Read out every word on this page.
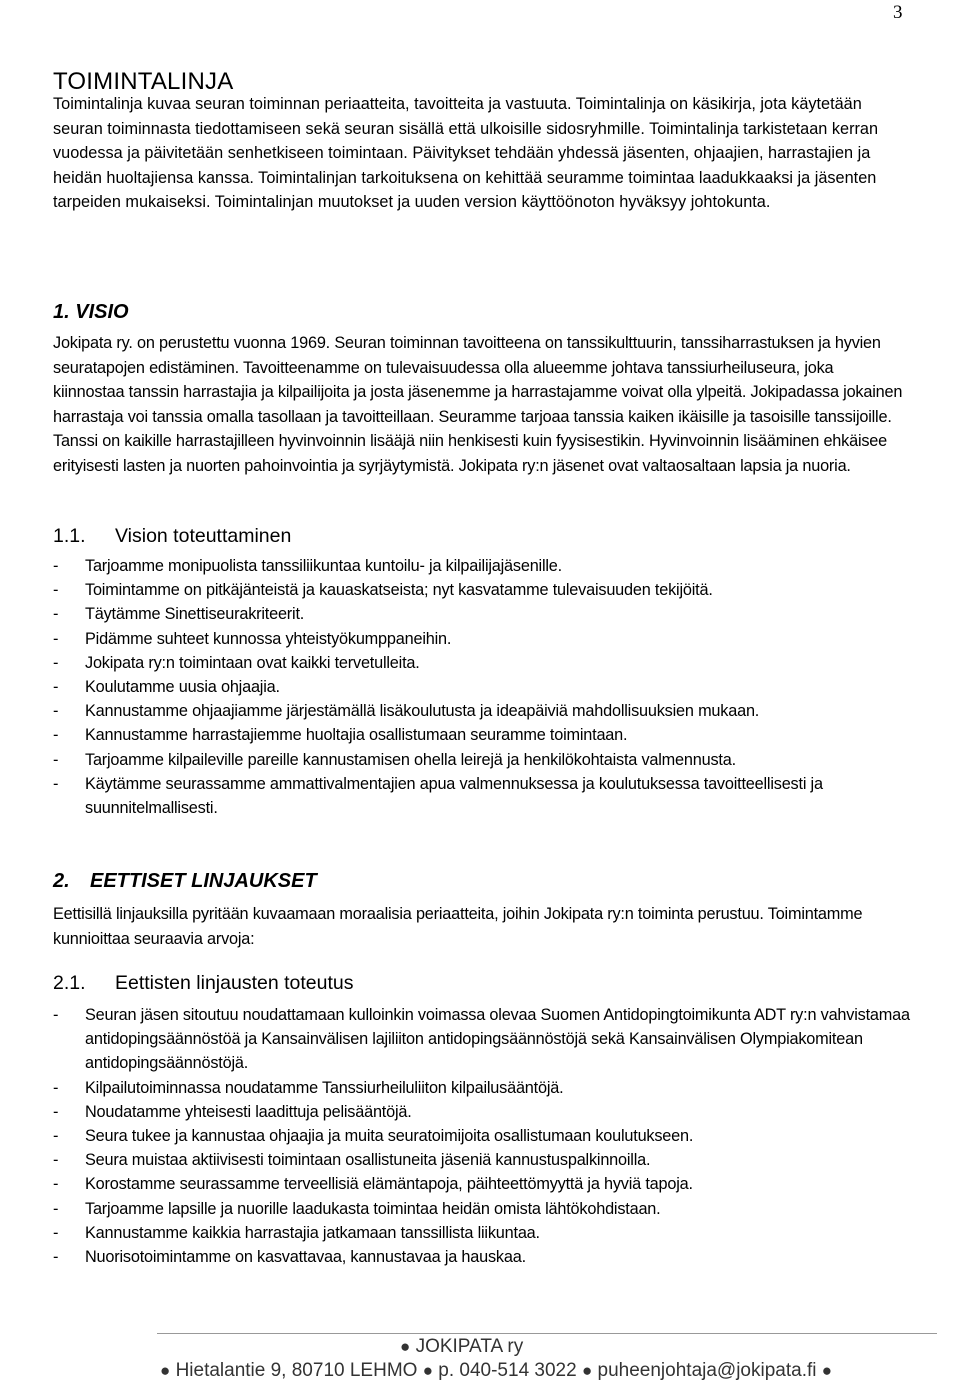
3
TOIMINTALINJA

Toimintalinja kuvaa seuran toiminnan periaatteita, tavoitteita ja vastuuta. Toimintalinja on käsikirja, jota käytetään seuran toiminnasta tiedottamiseen sekä seuran sisällä että ulkoisille sidosryhmille. Toimintalinja tarkistetaan kerran vuodessa ja päivitetään senhetkiseen toimintaan. Päivitykset tehdään yhdessä jäsenten, ohjaajien, harrastajien ja heidän huoltajiensa kanssa. Toimintalinjan tarkoituksena on kehittää seuramme toimintaa laadukkaaksi ja jäsenten tarpeiden mukaiseksi. Toimintalinjan muutokset ja uuden version käyttöönoton hyväksyy johtokunta.

1. VISIO

Jokipata ry. on perustettu vuonna 1969. Seuran toiminnan tavoitteena on tanssikulttuurin, tanssiharrastuksen ja hyvien seuratapojen edistäminen. Tavoitteenamme on tulevaisuudessa olla alueemme johtava tanssiurheiluseura, joka kiinnostaa tanssin harrastajia ja kilpailijoita ja josta jäsenemme ja harrastajamme voivat olla ylpeitä. Jokipadassa jokainen harrastaja voi tanssia omalla tasollaan ja tavoitteillaan. Seuramme tarjoaa tanssia kaiken ikäisille ja tasoisille tanssijoille. Tanssi on kaikille harrastajilleen hyvinvoinnin lisääjä niin henkisesti kuin fyysisestikin. Hyvinvoinnin lisääminen ehkäisee erityisesti lasten ja nuorten pahoinvointia ja syrjäytymistä. Jokipata ry:n jäsenet ovat valtaosaltaan lapsia ja nuoria.

1.1. Vision toteuttaminen
- Tarjoamme monipuolista tanssiliikuntaa kuntoilu- ja kilpailijajäsenille.
- Toimintamme on pitkäjänteistä ja kauaskatseista; nyt kasvatamme tulevaisuuden tekijöitä.
- Täytämme Sinettiseurakriteerit.
- Pidämme suhteet kunnossa yhteistyökumppaneihin.
- Jokipata ry:n toimintaan ovat kaikki tervetulleita.
- Koulutamme uusia ohjaajia.
- Kannustamme ohjaajiamme järjestämällä lisäkoulutusta ja ideapäiviä mahdollisuuksien mukaan.
- Kannustamme harrastajiemme huoltajia osallistumaan seuramme toimintaan.
- Tarjoamme kilpaileville pareille kannustamisen ohella leirejä ja henkilökohtaista valmennusta.
- Käytämme seurassamme ammattivalmentajien apua valmennuksessa ja koulutuksessa tavoitteellisesti ja suunnitelmallisesti.
2. EETTISET LINJAUKSET

Eettisillä linjauksilla pyritään kuvaamaan moraalisia periaatteita, joihin Jokipata ry:n toiminta perustuu. Toimintamme kunnioittaa seuraavia arvoja:

2.1. Eettisten linjausten toteutus
- Seuran jäsen sitoutuu noudattamaan kulloinkin voimassa olevaa Suomen Antidopingtoimikunta ADT ry:n vahvistamaa antidopingsäännöstöä ja Kansainvälisen lajiliiton antidopingsäännöstöjä sekä Kansainvälisen Olympiakomitean antidopingsäännöstöjä.
- Kilpailutoiminnassa noudatamme Tanssiurheiluliiton kilpailusääntöjä.
- Noudatamme yhteisesti laadittuja pelisääntöjä.
- Seura tukee ja kannustaa ohjaajia ja muita seuratoimijoita osallistumaan koulutukseen.
- Seura muistaa aktiivisesti toimintaan osallistuneita jäseniä kannustuspalkinnoilla.
- Korostamme seurassamme terveellisiä elämäntapoja, päihteettömyyttä ja hyviä tapoja.
- Tarjoamme lapsille ja nuorille laadukasta toimintaa heidän omista lähtökohdistaan.
- Kannustamme kaikkia harrastajia jatkamaan tanssillista liikuntaa.
- Nuorisotoimintamme on kasvattavaa, kannustavaa ja hauskaa.
● JOKIPATA ry
● Hietalantie 9, 80710 LEHMO ● p. 040-514 3022 ● puheenjohtaja@jokipata.fi ●
